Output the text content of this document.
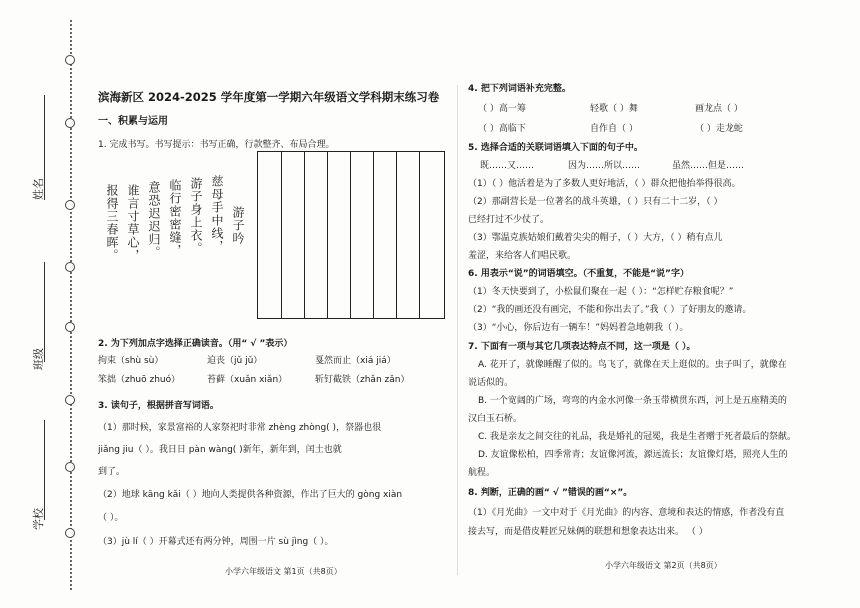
姓名
班级
学校
滨海新区 2024-2025 学年度第一学期六年级语文学科期末练习卷
一、积累与运用
1. 完成书写。书写提示：书写正确，行款整齐、布局合理。
报得三春晖。 谁言寸草心， 意恐迟迟归。 临行密密缝， 游子身上衣。 慈母手中线， 游子吟
2. 为下列加点字选择正确读音。（用“ √ ”表示）
拘束（shù sù）	迫丧（jǔ jǔ）	戛然而止（xiá jiá）
笨拙（zhuō zhuó）	苔藓（xuǎn xiǎn）	斩钉截铁（zhǎn zǎn）
3. 读句子，根据拼音写词语。
（1）那时候，家景富裕的人家祭祀时非常 zhèng zhòng( )，祭器也很
jiǎng jiu（ ）。我日日 pàn wàng( )新年，新年到，闰土也就
到了。
（2）地球 kāng kǎi（ ）地向人类提供各种资源，作出了巨大的 gòng xiàn
（ ）。
（3）jù lí（ ）开幕式还有两分钟，周围一片 sù jìng（ ）。
小学六年级语文 第1页（共8页）
4. 把下列词语补充完整。
（ ）高一筹	轻歌（ ）舞	画龙点（ ）
（ ）高临下	自作自（ ）	（ ）走龙蛇
5. 选择合适的关联词语填入下面的句子中。
既……又……	因为……所以……	虽然……但是……
（1）（ ）他活着是为了多数人更好地活，（ ）群众把他抬举得很高。
（2）那副营长是一位著名的战斗英雄，（ ）只有二十二岁，（ ）
已经打过不少仗了。
（3）鄂温克族姑娘们戴着尖尖的帽子，（ ）大方，（ ）稍有点儿
羞涩，来给客人们唱民歌。
6. 用表示“说”的词语填空。（不重复，不能是“说”字）
（1）冬天快要到了，小松鼠们聚在一起（ ）：“怎样贮存粮食呢？”
（2）“我的画还没有画完，不能和你出去了。”我（ ）了好朋友的邀请。
（3）“小心，你后边有一辆车！”妈妈着急地朝我（ ）。
7. 下面有一项与其它几项表达特点不同，这一项是（ ）。
A. 花开了，就像睡醒了似的。鸟飞了，就像在天上逛似的。虫子叫了，就像在
说话似的。
B. 一个宽阔的广场，弯弯的内金水河像一条玉带横贯东西，河上是五座精美的
汉白玉石桥。
C. 我是亲友之间交往的礼品，我是婚礼的冠冕，我是生者赠于死者最后的祭献。
D. 友谊像松柏，四季常青；友谊像河流，源远流长；友谊像灯塔，照亮人生的
航程。
8. 判断，正确的画“ √ ”错误的画“×”。
（1）《月光曲》一文中对于《月光曲》的内容、意境和表达的情感，作者没有直
接去写，而是借皮鞋匠兄妹俩的联想和想象表达出来。 （ ）
小学六年级语文 第2页（共8页）
